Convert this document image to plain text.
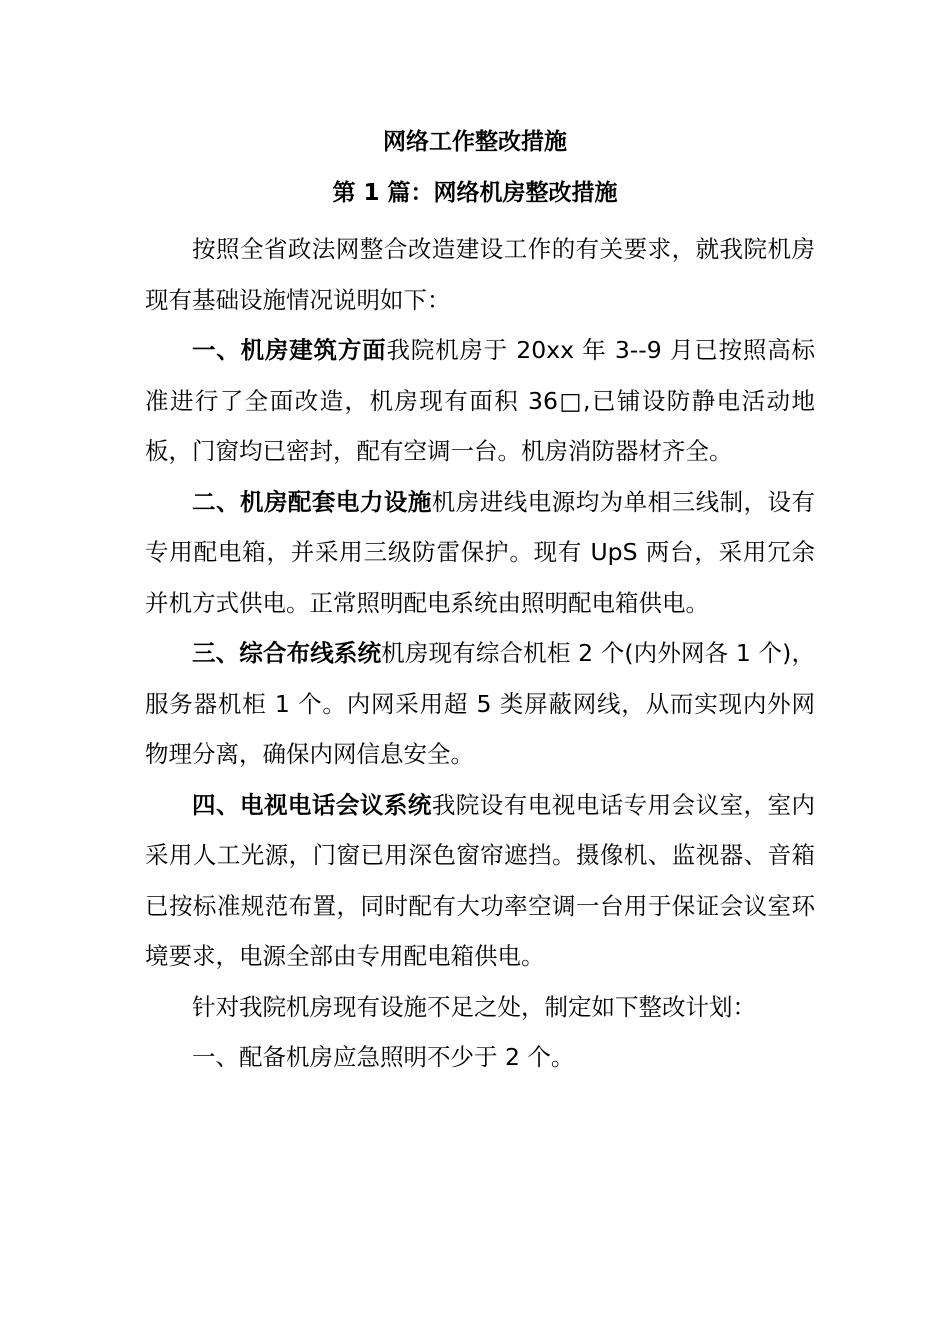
网络工作整改措施
第 1 篇：网络机房整改措施

按照全省政法网整合改造建设工作的有关要求，就我院机房现有基础设施情况说明如下：

一、机房建筑方面我院机房于 20xx 年 3--9 月已按照高标准进行了全面改造，机房现有面积 36□,已铺设防静电活动地板，门窗均已密封，配有空调一台。机房消防器材齐全。

二、机房配套电力设施机房进线电源均为单相三线制，设有专用配电箱，并采用三级防雷保护。现有 UpS 两台，采用冗余并机方式供电。正常照明配电系统由照明配电箱供电。

三、综合布线系统机房现有综合机柜 2 个(内外网各 1 个)，服务器机柜 1 个。内网采用超 5 类屏蔽网线，从而实现内外网物理分离，确保内网信息安全。

四、电视电话会议系统我院设有电视电话专用会议室，室内采用人工光源，门窗已用深色窗帘遮挡。摄像机、监视器、音箱已按标准规范布置，同时配有大功率空调一台用于保证会议室环境要求，电源全部由专用配电箱供电。

针对我院机房现有设施不足之处，制定如下整改计划：

一、配备机房应急照明不少于 2 个。
